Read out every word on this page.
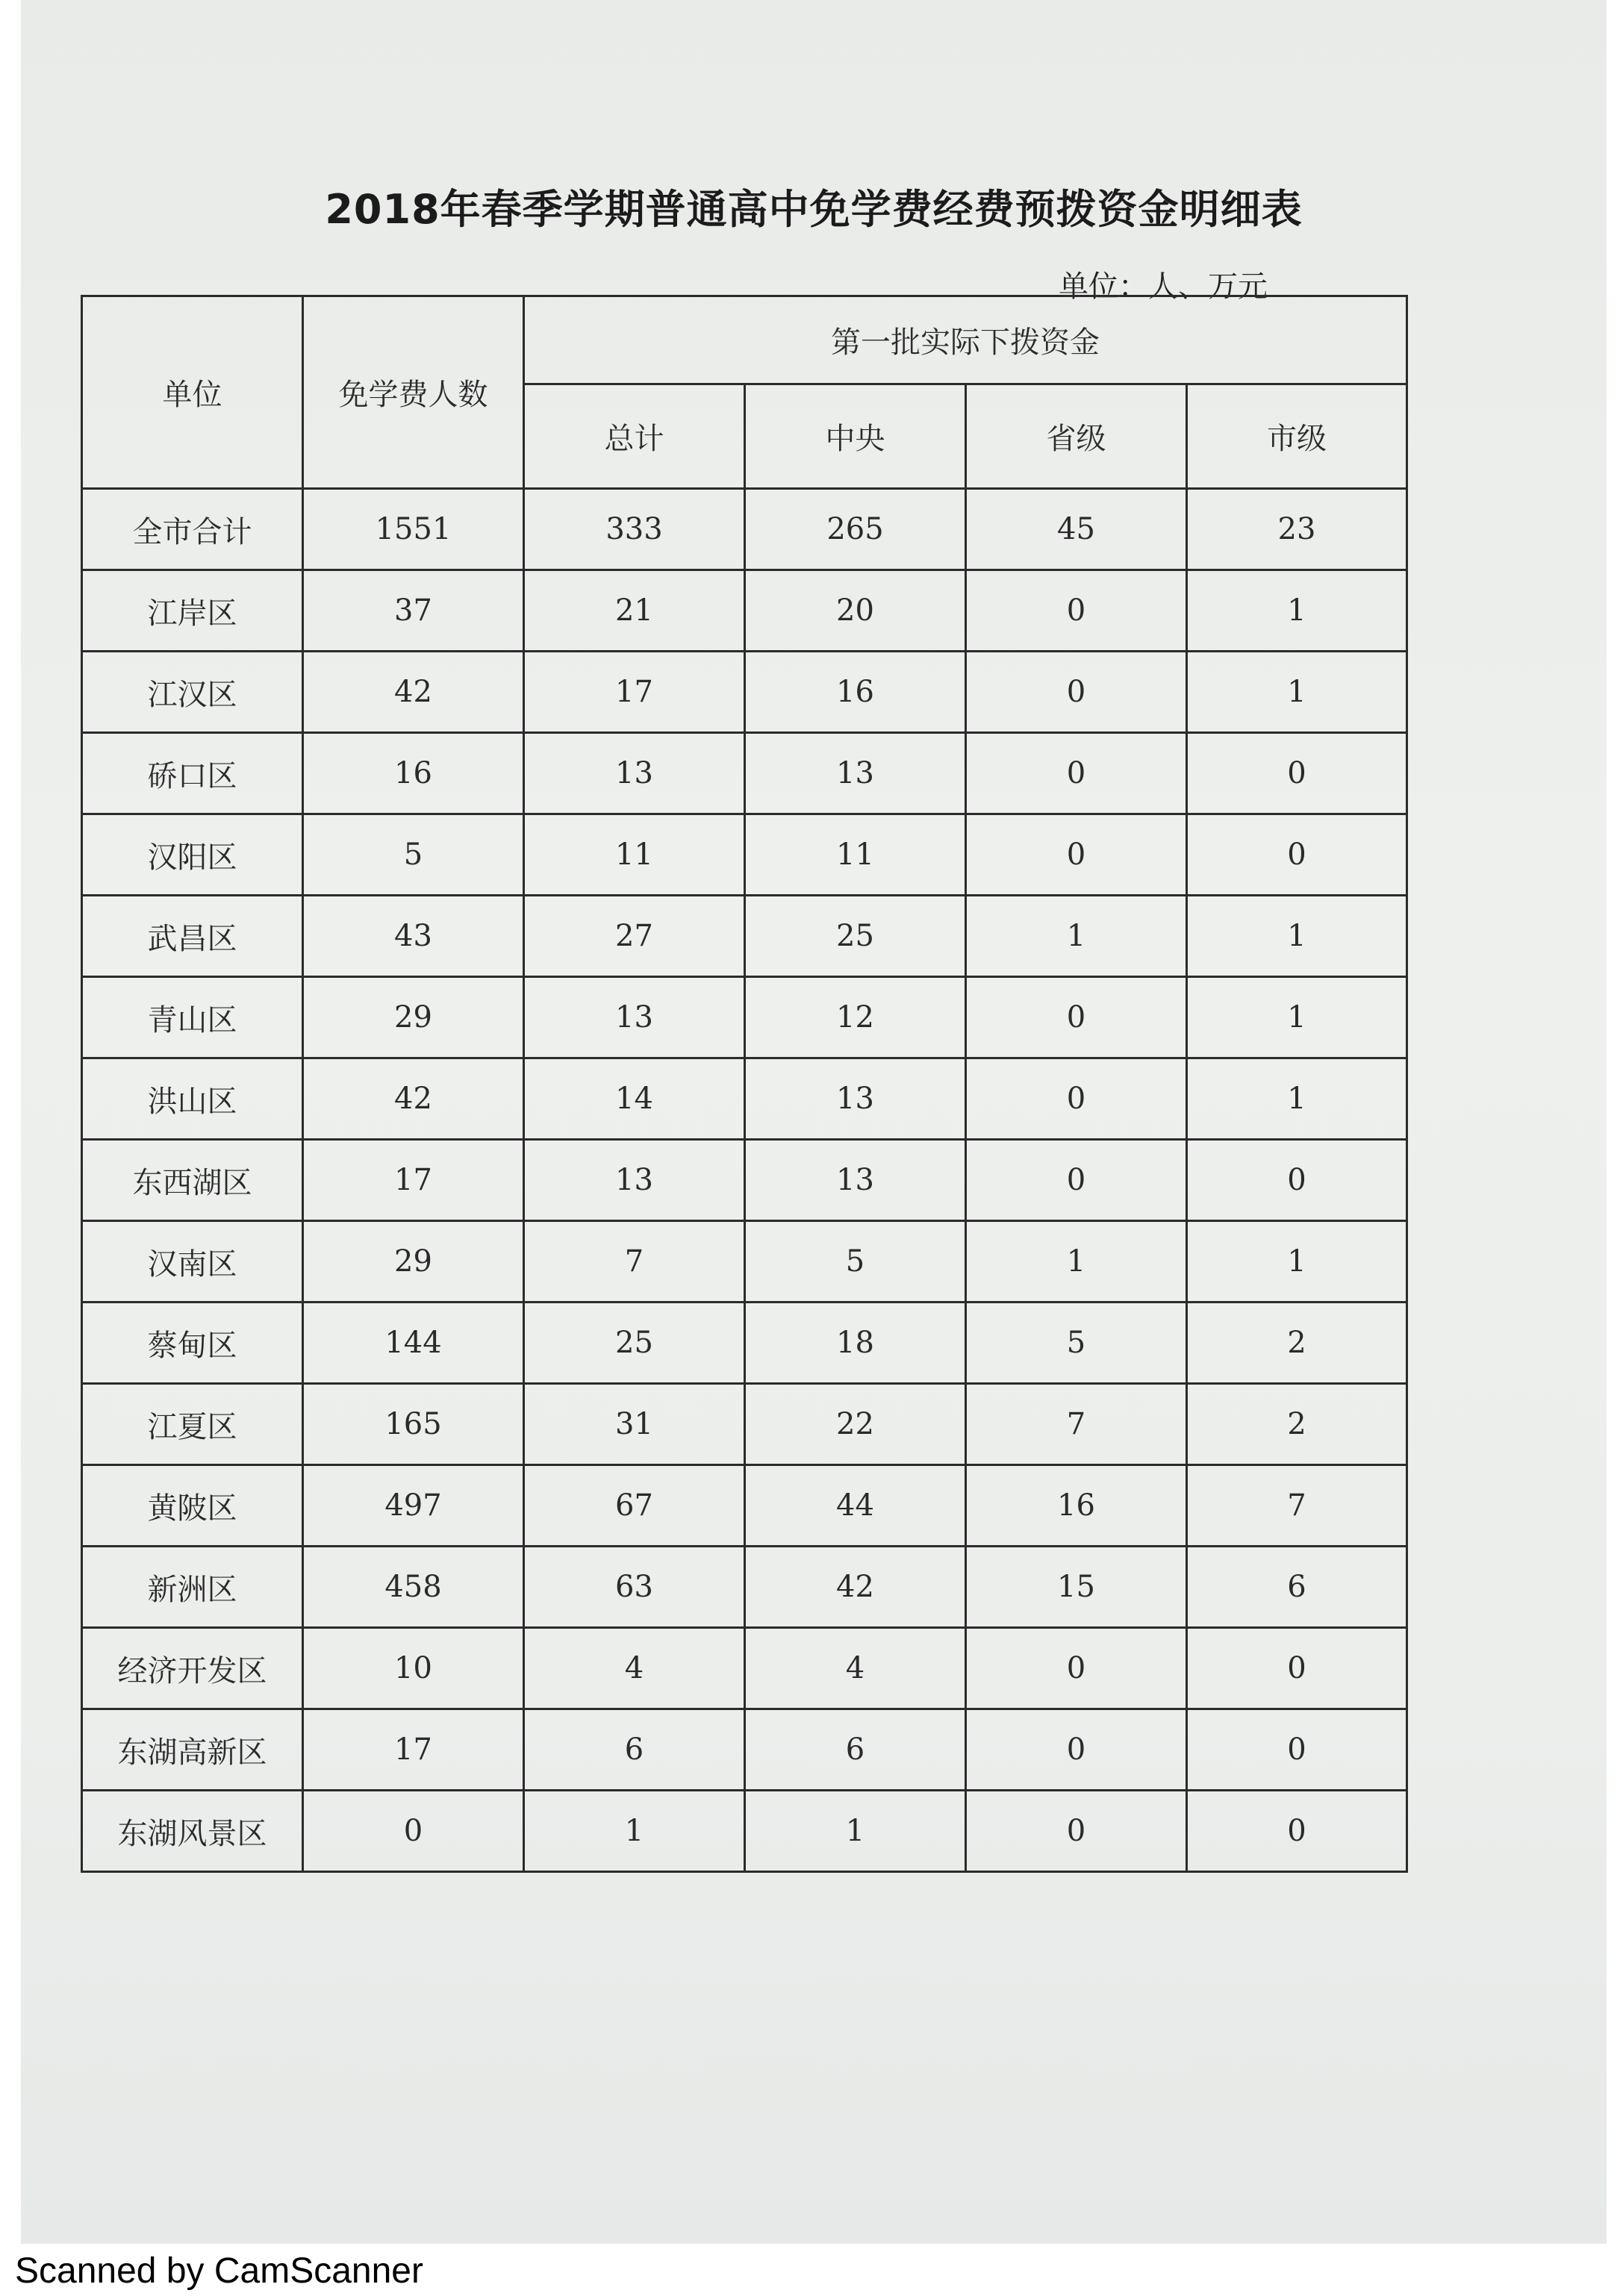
2018年春季学期普通高中免学费经费预拨资金明细表
单位：人、万元
单位	免学费人数	第一批实际下拨资金			
		总计	中央	省级	市级
全市合计	1551	333	265	45	23
江岸区	37	21	20	0	1
江汉区	42	17	16	0	1
硚口区	16	13	13	0	0
汉阳区	5	11	11	0	0
武昌区	43	27	25	1	1
青山区	29	13	12	0	1
洪山区	42	14	13	0	1
东西湖区	17	13	13	0	0
汉南区	29	7	5	1	1
蔡甸区	144	25	18	5	2
江夏区	165	31	22	7	2
黄陂区	497	67	44	16	7
新洲区	458	63	42	15	6
经济开发区	10	4	4	0	0
东湖高新区	17	6	6	0	0
东湖风景区	0	1	1	0	0
Scanned by CamScanner
